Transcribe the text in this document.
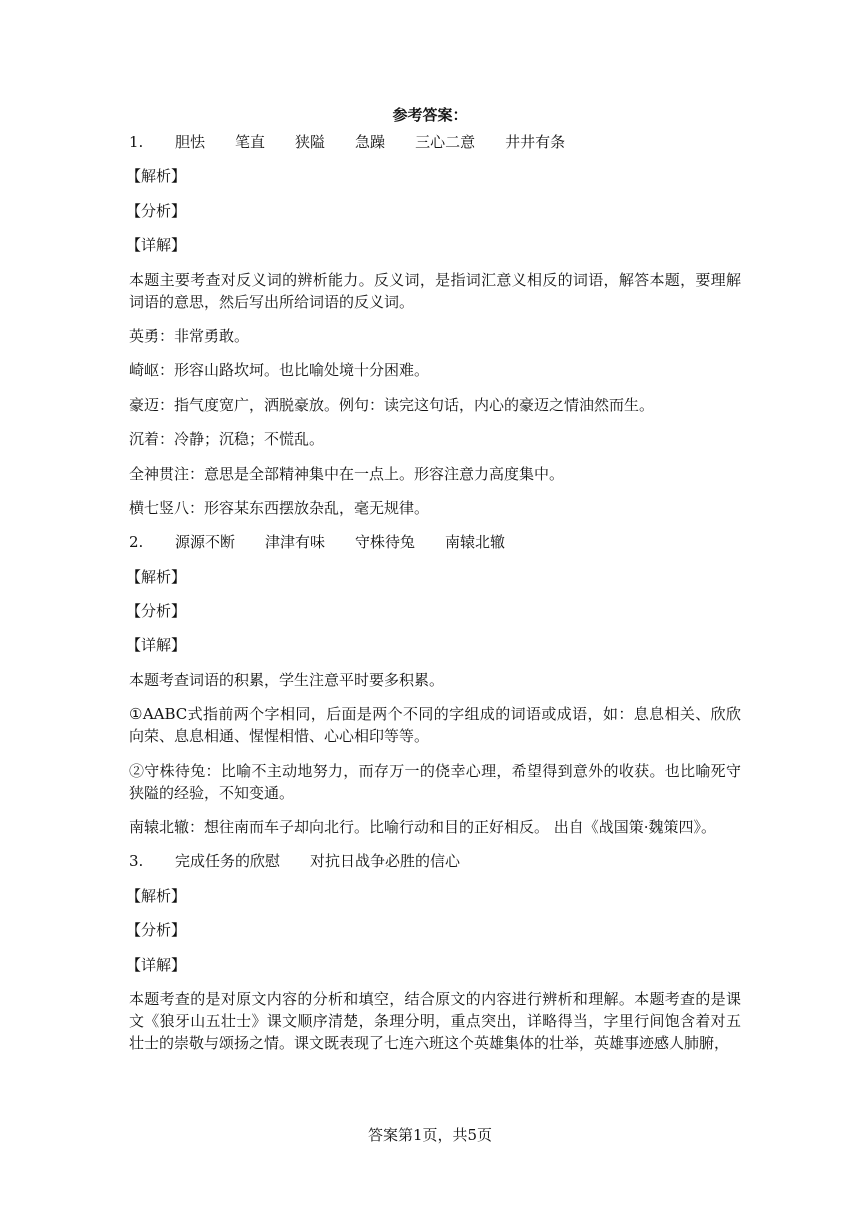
参考答案：
1. 胆怯 笔直 狭隘 急躁 三心二意 井井有条
【解析】
【分析】
【详解】
本题主要考查对反义词的辨析能力。反义词，是指词汇意义相反的词语，解答本题，要理解词语的意思，然后写出所给词语的反义词。
英勇：非常勇敢。
崎岖：形容山路坎坷。也比喻处境十分困难。
豪迈：指气度宽广，洒脱豪放。例句：读完这句话，内心的豪迈之情油然而生。
沉着：冷静；沉稳；不慌乱。
全神贯注：意思是全部精神集中在一点上。形容注意力高度集中。
横七竖八：形容某东西摆放杂乱，毫无规律。
2. 源源不断 津津有味 守株待兔 南辕北辙
【解析】
【分析】
【详解】
本题考查词语的积累，学生注意平时要多积累。
①AABC式指前两个字相同，后面是两个不同的字组成的词语或成语，如：息息相关、欣欣向荣、息息相通、惺惺相惜、心心相印等等。
②守株待兔：比喻不主动地努力，而存万一的侥幸心理，希望得到意外的收获。也比喻死守狭隘的经验，不知变通。
南辕北辙：想往南而车子却向北行。比喻行动和目的正好相反。 出自《战国策·魏策四》。
3. 完成任务的欣慰 对抗日战争必胜的信心
【解析】
【分析】
【详解】
本题考查的是对原文内容的分析和填空，结合原文的内容进行辨析和理解。本题考查的是课文《狼牙山五壮士》课文顺序清楚，条理分明，重点突出，详略得当，字里行间饱含着对五壮士的崇敬与颂扬之情。课文既表现了七连六班这个英雄集体的壮举，英雄事迹感人肺腑，
答案第1页，共5页
